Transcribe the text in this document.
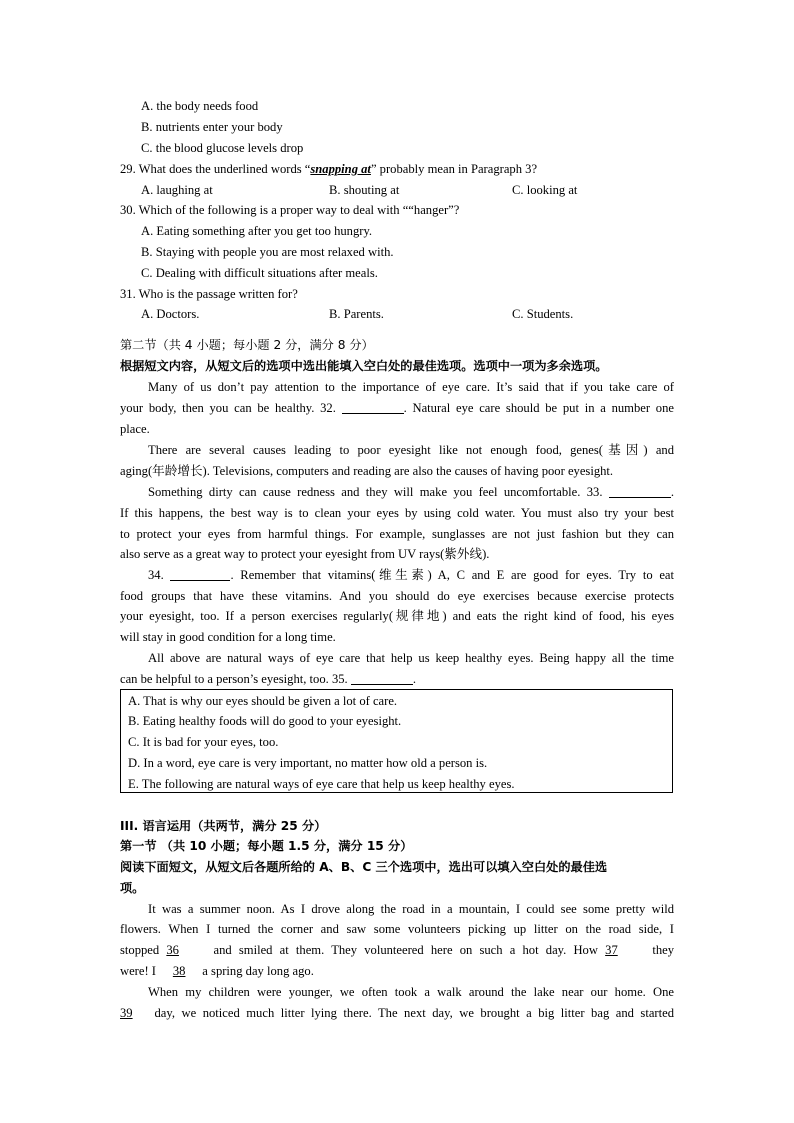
A. the body needs food
B. nutrients enter your body
C. the blood glucose levels drop
29. What does the underlined words “snapping at” probably mean in Paragraph 3?
A. laughing at	B. shouting at	C. looking at
30. Which of the following is a proper way to deal with ““hanger”?
A. Eating something after you get too hungry.
B. Staying with people you are most relaxed with.
C. Dealing with difficult situations after meals.
31. Who is the passage written for?
A. Doctors.	B. Parents.	C. Students.
第二节（共 4 小题；每小题 2 分，满分 8 分）
根据短文内容，从短文后的选项中选出能填入空白处的最佳选项。选项中一项为多余选项。
Many of us don’t pay attention to the importance of eye care. It’s said that if you take care of
your body, then you can be healthy. 32.	. Natural eye care should be put in a number one
place.
There are several causes leading to poor eyesight like not enough food, genes(基因) and
aging(年龄增长). Televisions, computers and reading are also the causes of having poor eyesight.
Something dirty can cause redness and they will make you feel uncomfortable. 33.	.
If this happens, the best way is to clean your eyes by using cold water. You must also try your best
to protect your eyes from harmful things. For example, sunglasses are not just fashion but they can
also serve as a great way to protect your eyesight from UV rays(紫外线).
34.	. Remember that vitamins(维生素) A, C and E are good for eyes. Try to eat
food groups that have these vitamins. And you should do eye exercises because exercise protects
your eyesight, too. If a person exercises regularly(规律地) and eats the right kind of food, his eyes
will stay in good condition for a long time.
All above are natural ways of eye care that help us keep healthy eyes. Being happy all the time
can be helpful to a person’s eyesight, too. 35.	.
A. That is why our eyes should be given a lot of care.
B. Eating healthy foods will do good to your eyesight.
C. It is bad for your eyes, too.
D. In a word, eye care is very important, no matter how old a person is.
E. The following are natural ways of eye care that help us keep healthy eyes.
III. 语言运用（共两节，满分 25 分）
第一节 （共 10 小题；每小题 1.5 分，满分 15 分）
阅读下面短文，从短文后各题所给的 A、B、C 三个选项中，选出可以填入空白处的最佳选
项。
It was a summer noon. As I drove along the road in a mountain, I could see some pretty wild
flowers. When I turned the corner and saw some volunteers picking up litter on the road side, I
stopped 36 and smiled at them. They volunteered here on such a hot day. How 37 they
were! I 38 a spring day long ago.
When my children were younger, we often took a walk around the lake near our home. One
39 day, we noticed much litter lying there. The next day, we brought a big litter bag and started
